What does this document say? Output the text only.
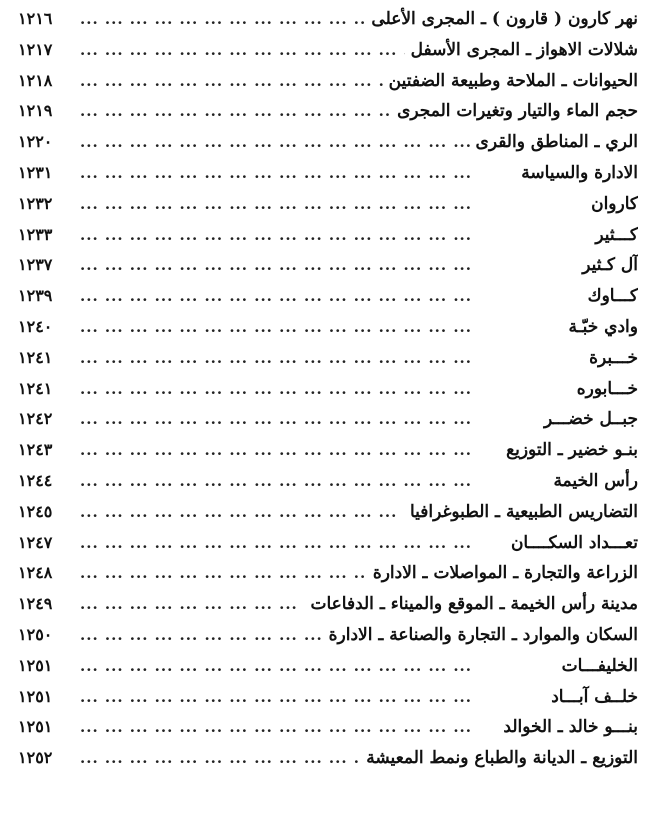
نهر كارون ( قارون ) ـ المجرى الأعلى
... .
١٢١٦
شلالات الاهواز ـ المجرى الأسفل
... .
١٢١٧
الحيوانات ـ الملاحة وطبيعة الضفتين
... .
١٢١٨
حجم الماء والتيار وتغيرات المجرى
... .
١٢١٩
الري ـ المناطق والقرى
... .
١٢٢٠
الادارة والسياسة
... .
١٢٣١
كاروان
... .
١٢٣٢
كـــثير
... .
١٢٣٣
آل كـثير
... .
١٢٣٧
كـــاوك
... .
١٢٣٩
وادي خبّـة
... .
١٢٤٠
خـــبرة
... .
١٢٤١
خـــابوره
... .
١٢٤١
جبــل خضـــر
... .
١٢٤٢
بنـو خضير ـ التوزيع
... .
١٢٤٣
رأس الخيمة
... .
١٢٤٤
التضاريس الطبيعية ـ الطبوغرافيا
... .
١٢٤٥
تعـــداد السكــــان
... .
١٢٤٧
الزراعة والتجارة ـ المواصلات ـ الادارة
... .
١٢٤٨
مدينة رأس الخيمة ـ الموقع والميناء ـ الدفاعات
... .
١٢٤٩
السكان والموارد ـ التجارة والصناعة ـ الادارة
... .
١٢٥٠
الخليفـــات
... .
١٢٥١
خلــف آبـــاد
... .
١٢٥١
بنـــو خالد ـ الخوالد
... .
١٢٥١
التوزيع ـ الديانة والطباع ونمط المعيشة
... .
١٢٥٢
